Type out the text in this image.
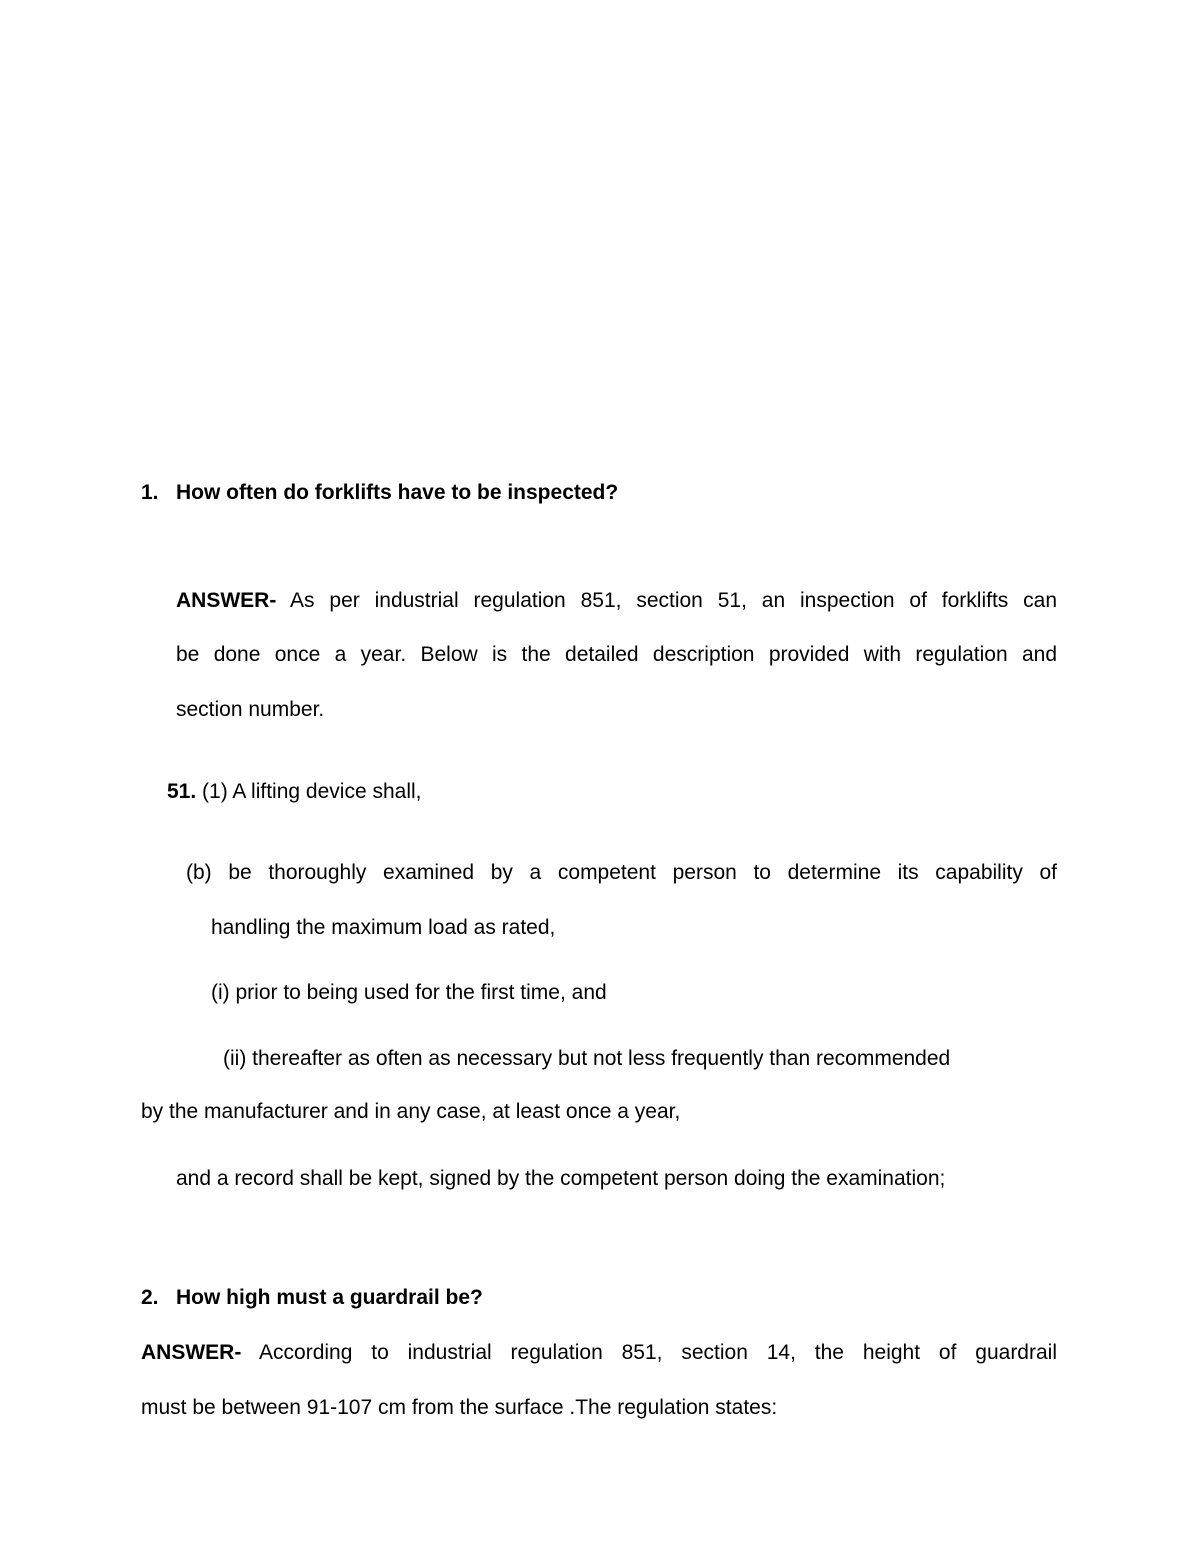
1. How often do forklifts have to be inspected?
ANSWER- As per industrial regulation 851, section 51, an inspection of forklifts can
be done once a year. Below is the detailed description provided with regulation and
section number.
51. (1) A lifting device shall,
(b) be thoroughly examined by a competent person to determine its capability of
handling the maximum load as rated,
(i) prior to being used for the first time, and
(ii) thereafter as often as necessary but not less frequently than recommended
by the manufacturer and in any case, at least once a year,
and a record shall be kept, signed by the competent person doing the examination;
2. How high must a guardrail be?
ANSWER- According to industrial regulation 851, section 14, the height of guardrail
must be between 91-107 cm from the surface .The regulation states:
